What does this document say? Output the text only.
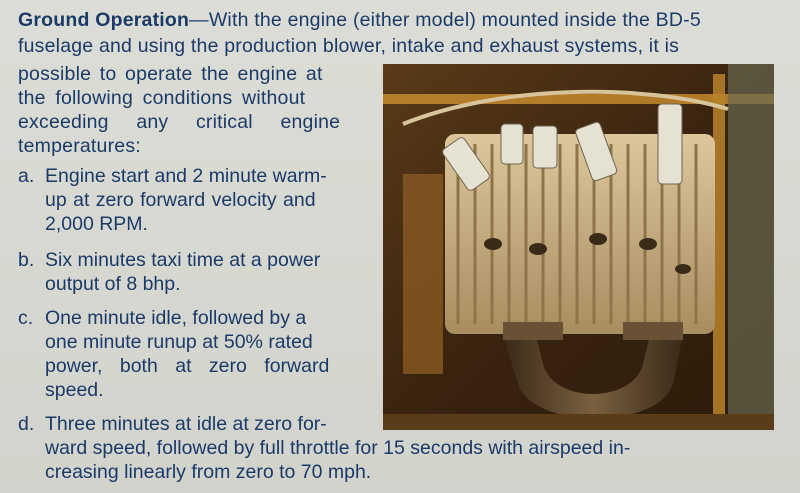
Ground Operation—With the engine (either model) mounted inside the BD-5
fuselage and using the production blower, intake and exhaust systems, it is
possible to operate the engine at
the following conditions without
exceeding any critical engine
temperatures:
a. Engine start and 2 minute warm-
up at zero forward velocity and
2,000 RPM.
b. Six minutes taxi time at a power
output of 8 bhp.
c. One minute idle, followed by a
one minute runup at 50% rated
power, both at zero forward
speed.
d. Three minutes at idle at zero for-
ward speed, followed by full throttle for 15 seconds with airspeed in-
creasing linearly from zero to 70 mph.
